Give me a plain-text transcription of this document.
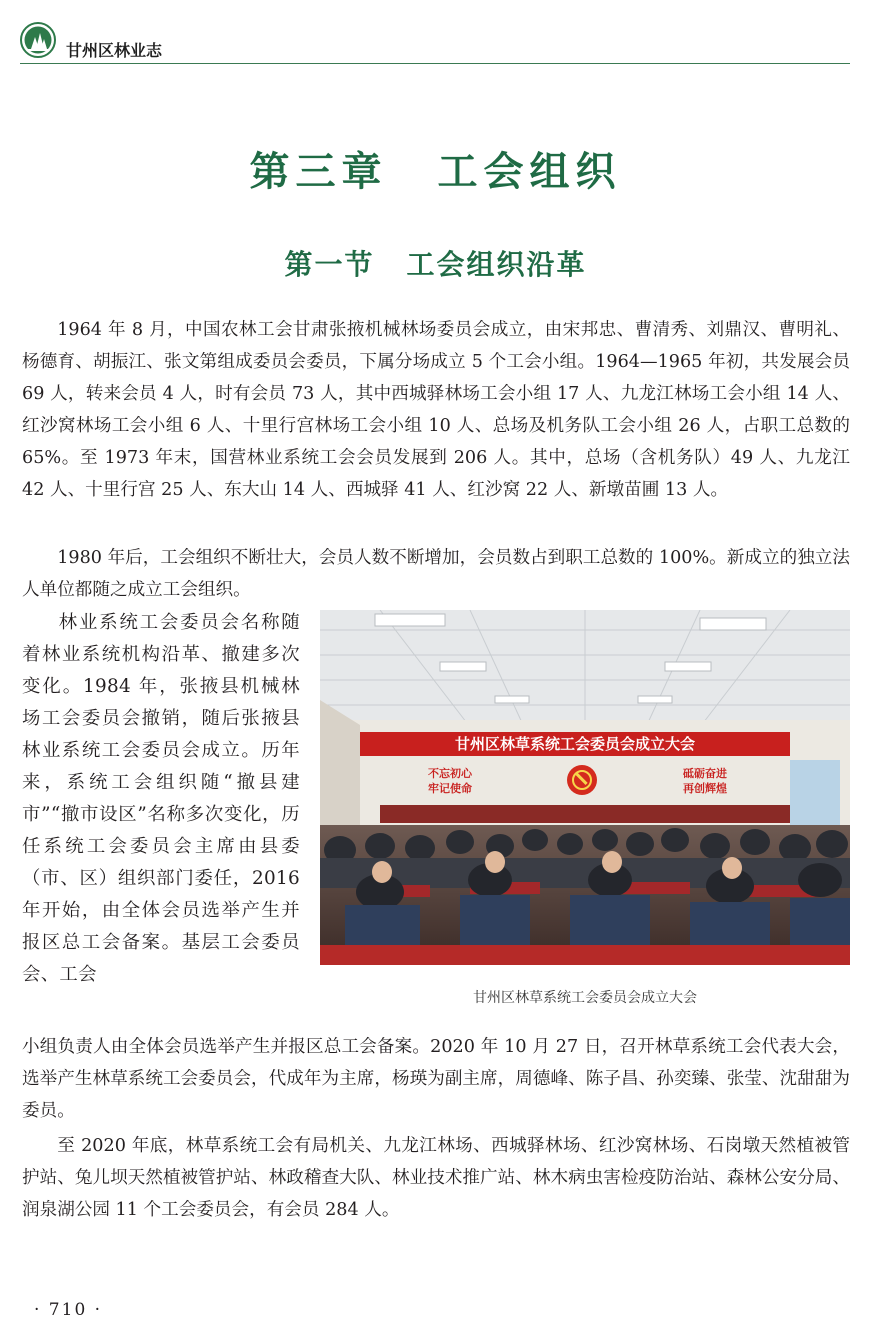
甘州区林业志
第三章 工会组织
第一节 工会组织沿革

1964 年 8 月，中国农林工会甘肃张掖机械林场委员会成立，由宋邦忠、曹清秀、刘鼎汉、曹明礼、杨德育、胡振江、张文第组成委员会委员，下属分场成立 5 个工会小组。1964—1965 年初，共发展会员 69 人，转来会员 4 人，时有会员 73 人，其中西城驿林场工会小组 17 人、九龙江林场工会小组 14 人、红沙窝林场工会小组 6 人、十里行宫林场工会小组 10 人、总场及机务队工会小组 26 人，占职工总数的 65%。至 1973 年末，国营林业系统工会会员发展到 206 人。其中，总场（含机务队）49 人、九龙江 42 人、十里行宫 25 人、东大山 14 人、西城驿 41 人、红沙窝 22 人、新墩苗圃 13 人。

1980 年后，工会组织不断壮大，会员人数不断增加，会员数占到职工总数的 100%。新成立的独立法人单位都随之成立工会组织。

林业系统工会委员会名称随着林业系统机构沿革、撤建多次变化。1984 年，张掖县机械林场工会委员会撤销，随后张掖县林业系统工会委员会成立。历年来，系统工会组织随“撤县建市”“撤市设区”名称多次变化，历任系统工会委员会主席由县委（市、区）组织部门委任，2016 年开始，由全体会员选举产生并报区总工会备案。基层工会委员会、工会

甘州区林草系统工会委员会成立大会
不忘初心
牢记使命
砥砺奋进
再创辉煌
甘州区林草系统工会委员会成立大会

小组负责人由全体会员选举产生并报区总工会备案。2020 年 10 月 27 日，召开林草系统工会代表大会，选举产生林草系统工会委员会，代成年为主席，杨瑛为副主席，周德峰、陈子昌、孙奕臻、张莹、沈甜甜为委员。

至 2020 年底，林草系统工会有局机关、九龙江林场、西城驿林场、红沙窝林场、石岗墩天然植被管护站、兔儿坝天然植被管护站、林政稽查大队、林业技术推广站、林木病虫害检疫防治站、森林公安分局、润泉湖公园 11 个工会委员会，有会员 284 人。

· 710 ·
